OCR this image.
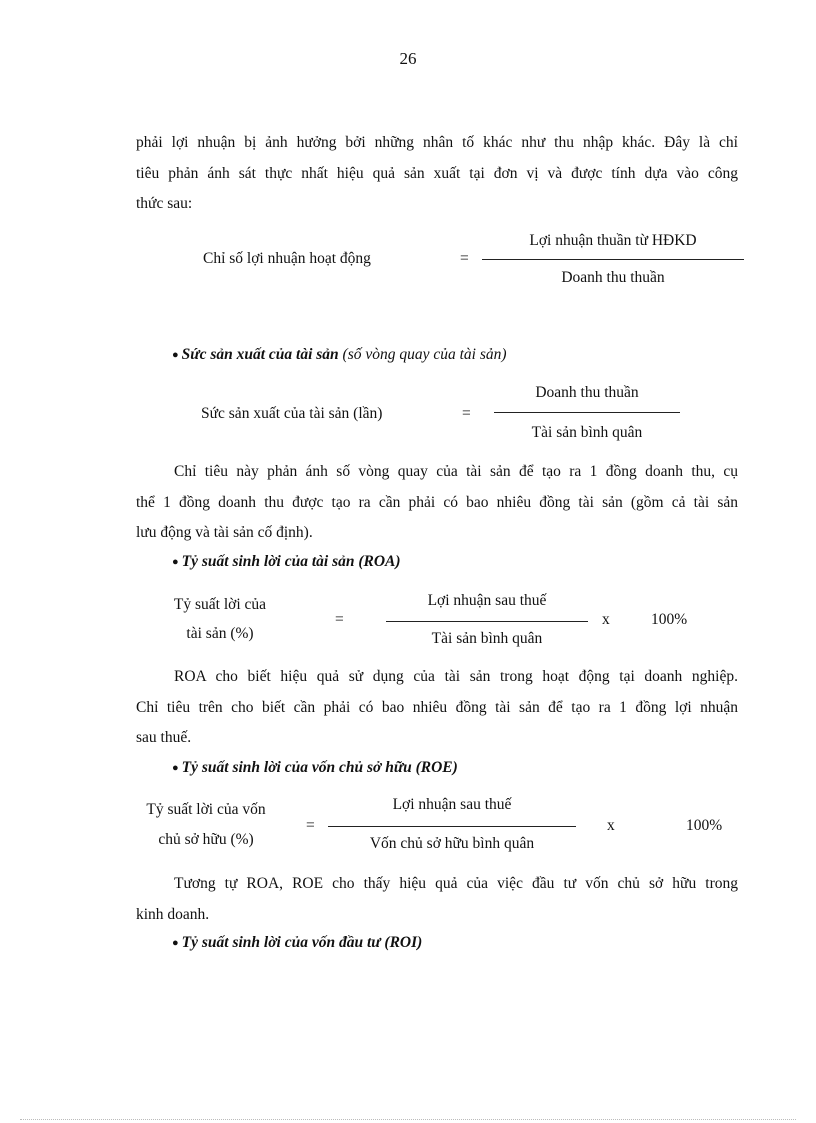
26
phải lợi nhuận bị ảnh hưởng bởi những nhân tố khác như thu nhập khác. Đây là chỉ
tiêu phản ánh sát thực nhất hiệu quả sản xuất tại đơn vị và được tính dựa vào công
thức sau:
Chỉ số lợi nhuận hoạt động	=
Lợi nhuận thuần từ HĐKD
Doanh thu thuần
● Sức sản xuất của tài sản (số vòng quay của tài sản)
Sức sản xuất của tài sản (lần)	=
Doanh thu thuần
Tài sản bình quân
Chỉ tiêu này phản ánh số vòng quay của tài sản để tạo ra 1 đồng doanh thu, cụ
thể 1 đồng doanh thu được tạo ra cần phải có bao nhiêu đồng tài sản (gồm cả tài sản
lưu động và tài sản cố định).
● Tỷ suất sinh lời của tài sản (ROA)
Tỷ suất lời của
tài sản (%)
=
Lợi nhuận sau thuế
Tài sản bình quân
x	100%
ROA cho biết hiệu quả sử dụng của tài sản trong hoạt động tại doanh nghiệp.
Chỉ tiêu trên cho biết cần phải có bao nhiêu đồng tài sản để tạo ra 1 đồng lợi nhuận
sau thuế.
● Tỷ suất sinh lời của vốn chủ sở hữu (ROE)
Tỷ suất lời của vốn
chủ sở hữu (%)
=
Lợi nhuận sau thuế
Vốn chủ sở hữu bình quân
x	100%
Tương tự ROA, ROE cho thấy hiệu quả của việc đầu tư vốn chủ sở hữu trong
kinh doanh.
● Tỷ suất sinh lời của vốn đầu tư (ROI)
